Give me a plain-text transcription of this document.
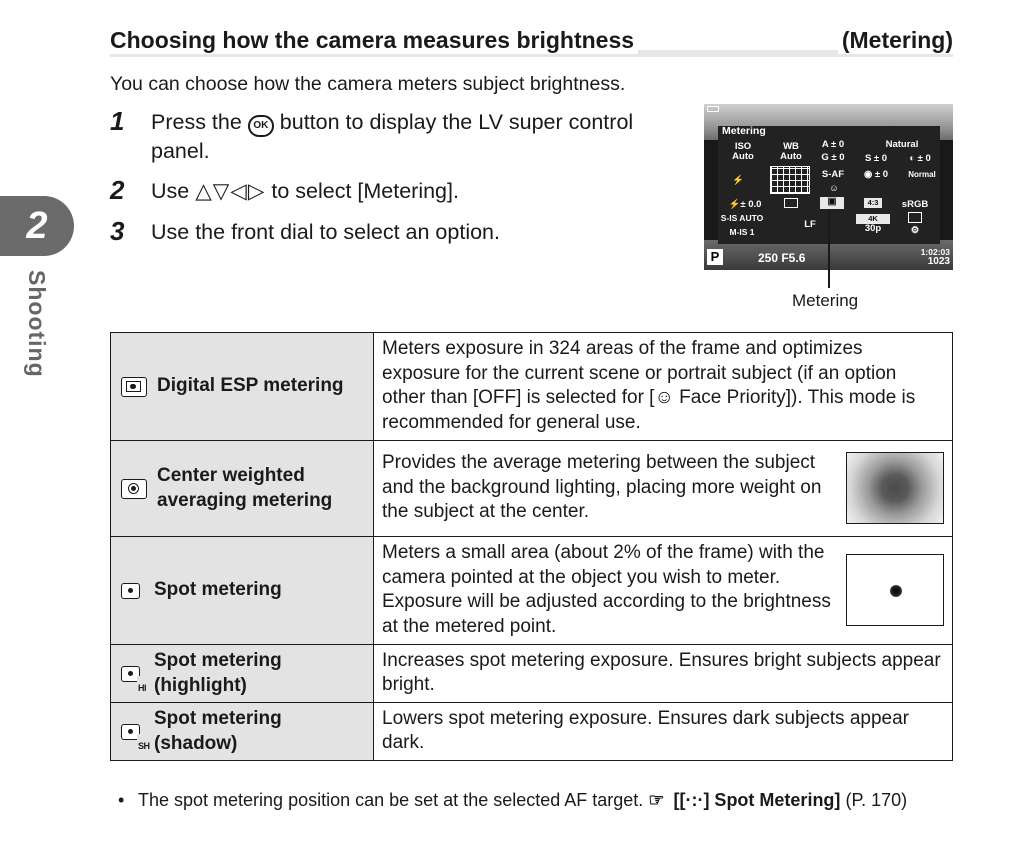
2
Shooting
Choosing how the camera measures brightness	(Metering)
You can choose how the camera meters subject brightness.
1 Press the OK button to display the LV super control panel.
2 Use △▽◁▷ to select [Metering].
3 Use the front dial to select an option.
Metering
ISO
Auto
WB
Auto
A ± 0
G ± 0
Natural
S ± 0	◐ ± 0
◉ ± 0	Normal
S-AF
⚡
☺
⚡± 0.0	▣	4:3	sRGB
S-IS AUTO
M-IS 1
LF
4K
30p	⚙
P	250 F5.6	1:02:03
1023
Metering
Digital ESP metering	Meters exposure in 324 areas of the frame and optimizes exposure for the current scene or portrait subject (if an option other than [OFF] is selected for [☺ Face Priority]). This mode is recommended for general use.

Center weighted averaging metering	Provides the average metering between the subject and the background lighting, placing more weight on the subject at the center.

Spot metering	Meters a small area (about 2% of the frame) with the camera pointed at the object you wish to meter. Exposure will be adjusted according to the brightness at the metered point.

HI
Spot metering (highlight)	Increases spot metering exposure. Ensures bright subjects appear bright.

SH
Spot metering (shadow)	Lowers spot metering exposure. Ensures dark subjects appear dark.
• The spot metering position can be set at the selected AF target. ☞ [[·:·] Spot Metering] (P. 170)
